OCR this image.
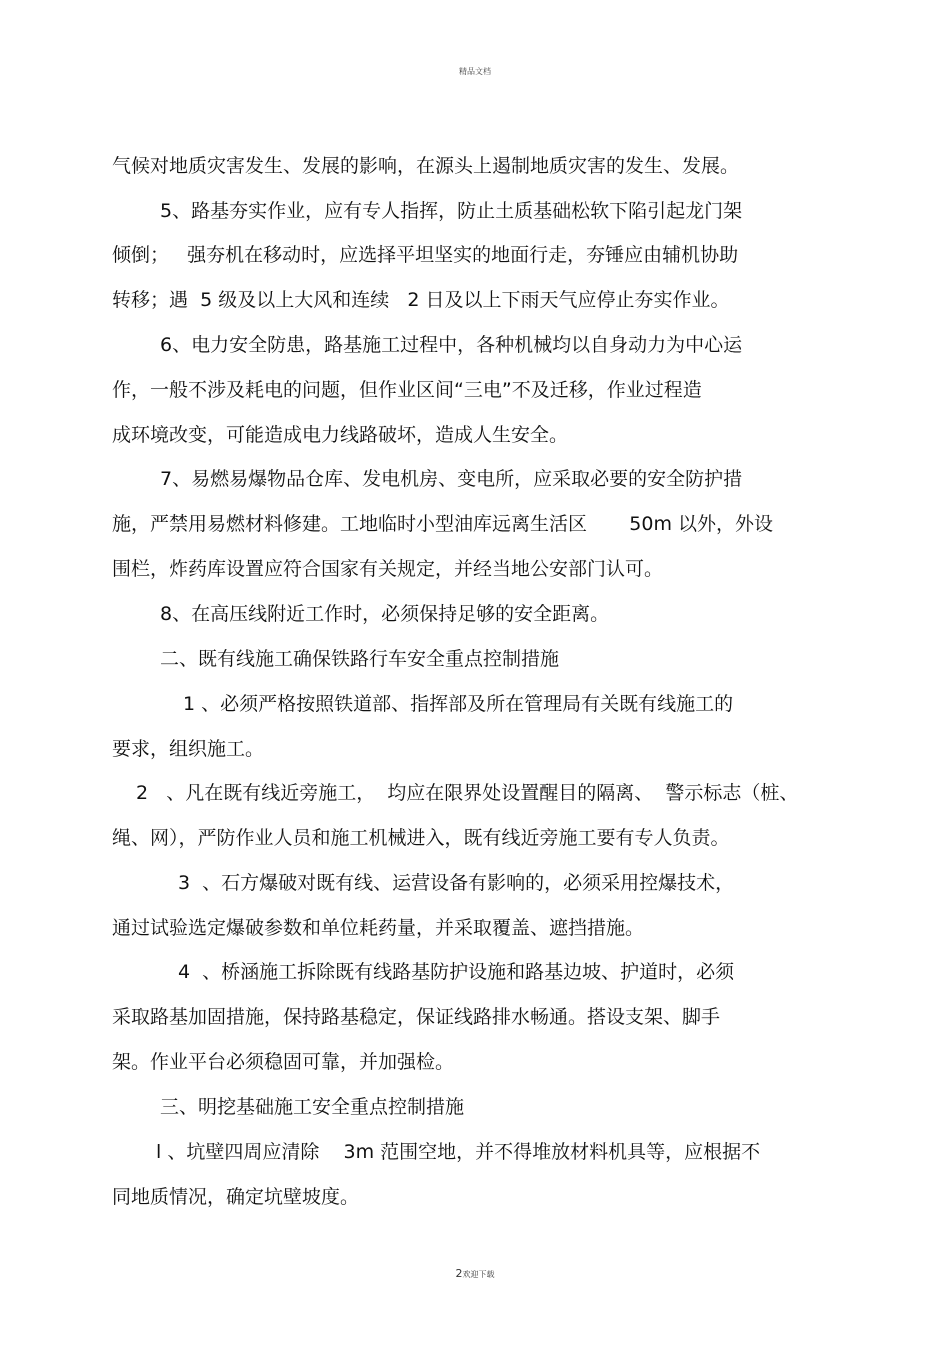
精品文档
气候对地质灾害发生、发展的影响，在源头上遏制地质灾害的发生、发展。
5、路基夯实作业，应有专人指挥，防止土质基础松软下陷引起龙门架
倾倒；   强夯机在移动时，应选择平坦坚实的地面行走，夯锤应由辅机协助
转移；遇  5 级及以上大风和连续   2 日及以上下雨天气应停止夯实作业。
6、电力安全防患，路基施工过程中，各种机械均以自身动力为中心运
作，一般不涉及耗电的问题，但作业区间“三电”不及迁移，作业过程造
成环境改变，可能造成电力线路破坏，造成人生安全。
7、易燃易爆物品仓库、发电机房、变电所，应采取必要的安全防护措
施，严禁用易燃材料修建。工地临时小型油库远离生活区       50m 以外，外设
围栏，炸药库设置应符合国家有关规定，并经当地公安部门认可。
8、在高压线附近工作时，必须保持足够的安全距离。
二、既有线施工确保铁路行车安全重点控制措施
1 、必须严格按照铁道部、指挥部及所在管理局有关既有线施工的
要求，组织施工。
2   、凡在既有线近旁施工，  均应在限界处设置醒目的隔离、  警示标志（桩、
绳、网），严防作业人员和施工机械进入，既有线近旁施工要有专人负责。
3  、石方爆破对既有线、运营设备有影响的，必须采用控爆技术，
通过试验选定爆破参数和单位耗药量，并采取覆盖、遮挡措施。
4  、桥涵施工拆除既有线路基防护设施和路基边坡、护道时，必须
采取路基加固措施，保持路基稳定，保证线路排水畅通。搭设支架、脚手
架。作业平台必须稳固可靠，并加强检。
三、明挖基础施工安全重点控制措施
l 、坑壁四周应清除    3m 范围空地，并不得堆放材料机具等，应根据不
同地质情况，确定坑壁坡度。
2欢迎下载
